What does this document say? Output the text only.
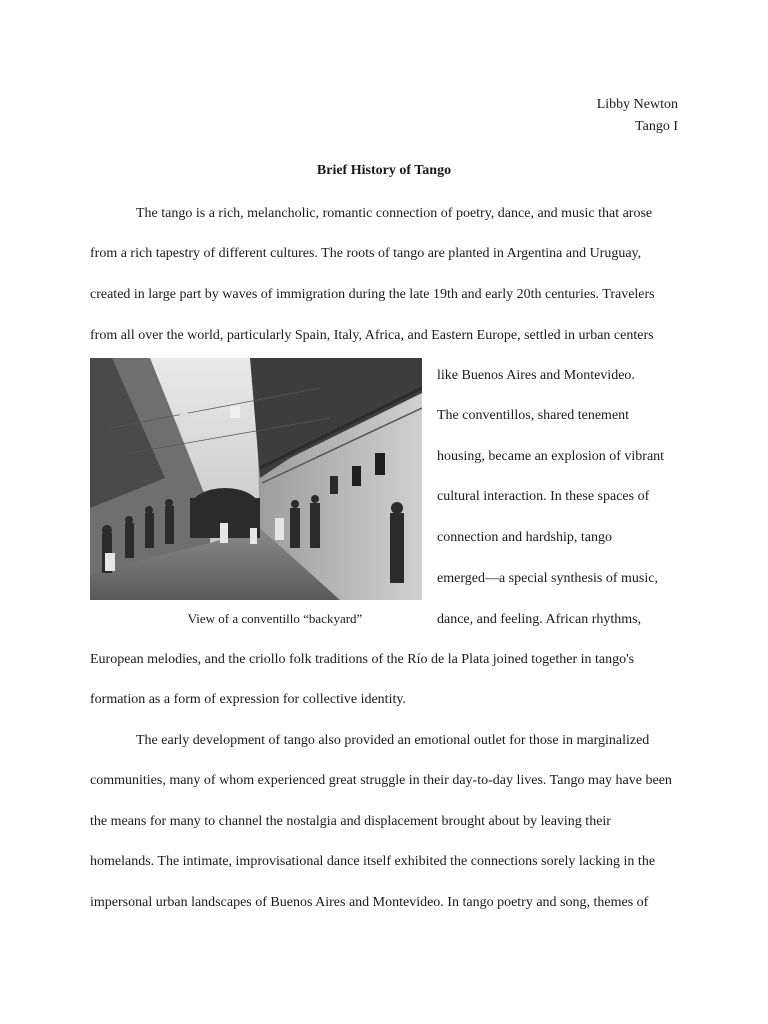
Libby Newton
Tango I
Brief History of Tango
The tango is a rich, melancholic, romantic connection of poetry, dance, and music that arose
from a rich tapestry of different cultures. The roots of tango are planted in Argentina and Uruguay,
created in large part by waves of immigration during the late 19th and early 20th centuries. Travelers
from all over the world, particularly Spain, Italy, Africa, and Eastern Europe, settled in urban centers
View of a conventillo “backyard”
like Buenos Aires and Montevideo.
The conventillos, shared tenement
housing, became an explosion of vibrant
cultural interaction. In these spaces of
connection and hardship, tango
emerged—a special synthesis of music,
dance, and feeling. African rhythms,
European melodies, and the criollo folk traditions of the Río de la Plata joined together in tango's
formation as a form of expression for collective identity.
The early development of tango also provided an emotional outlet for those in marginalized
communities, many of whom experienced great struggle in their day-to-day lives. Tango may have been
the means for many to channel the nostalgia and displacement brought about by leaving their
homelands. The intimate, improvisational dance itself exhibited the connections sorely lacking in the
impersonal urban landscapes of Buenos Aires and Montevideo. In tango poetry and song, themes of
